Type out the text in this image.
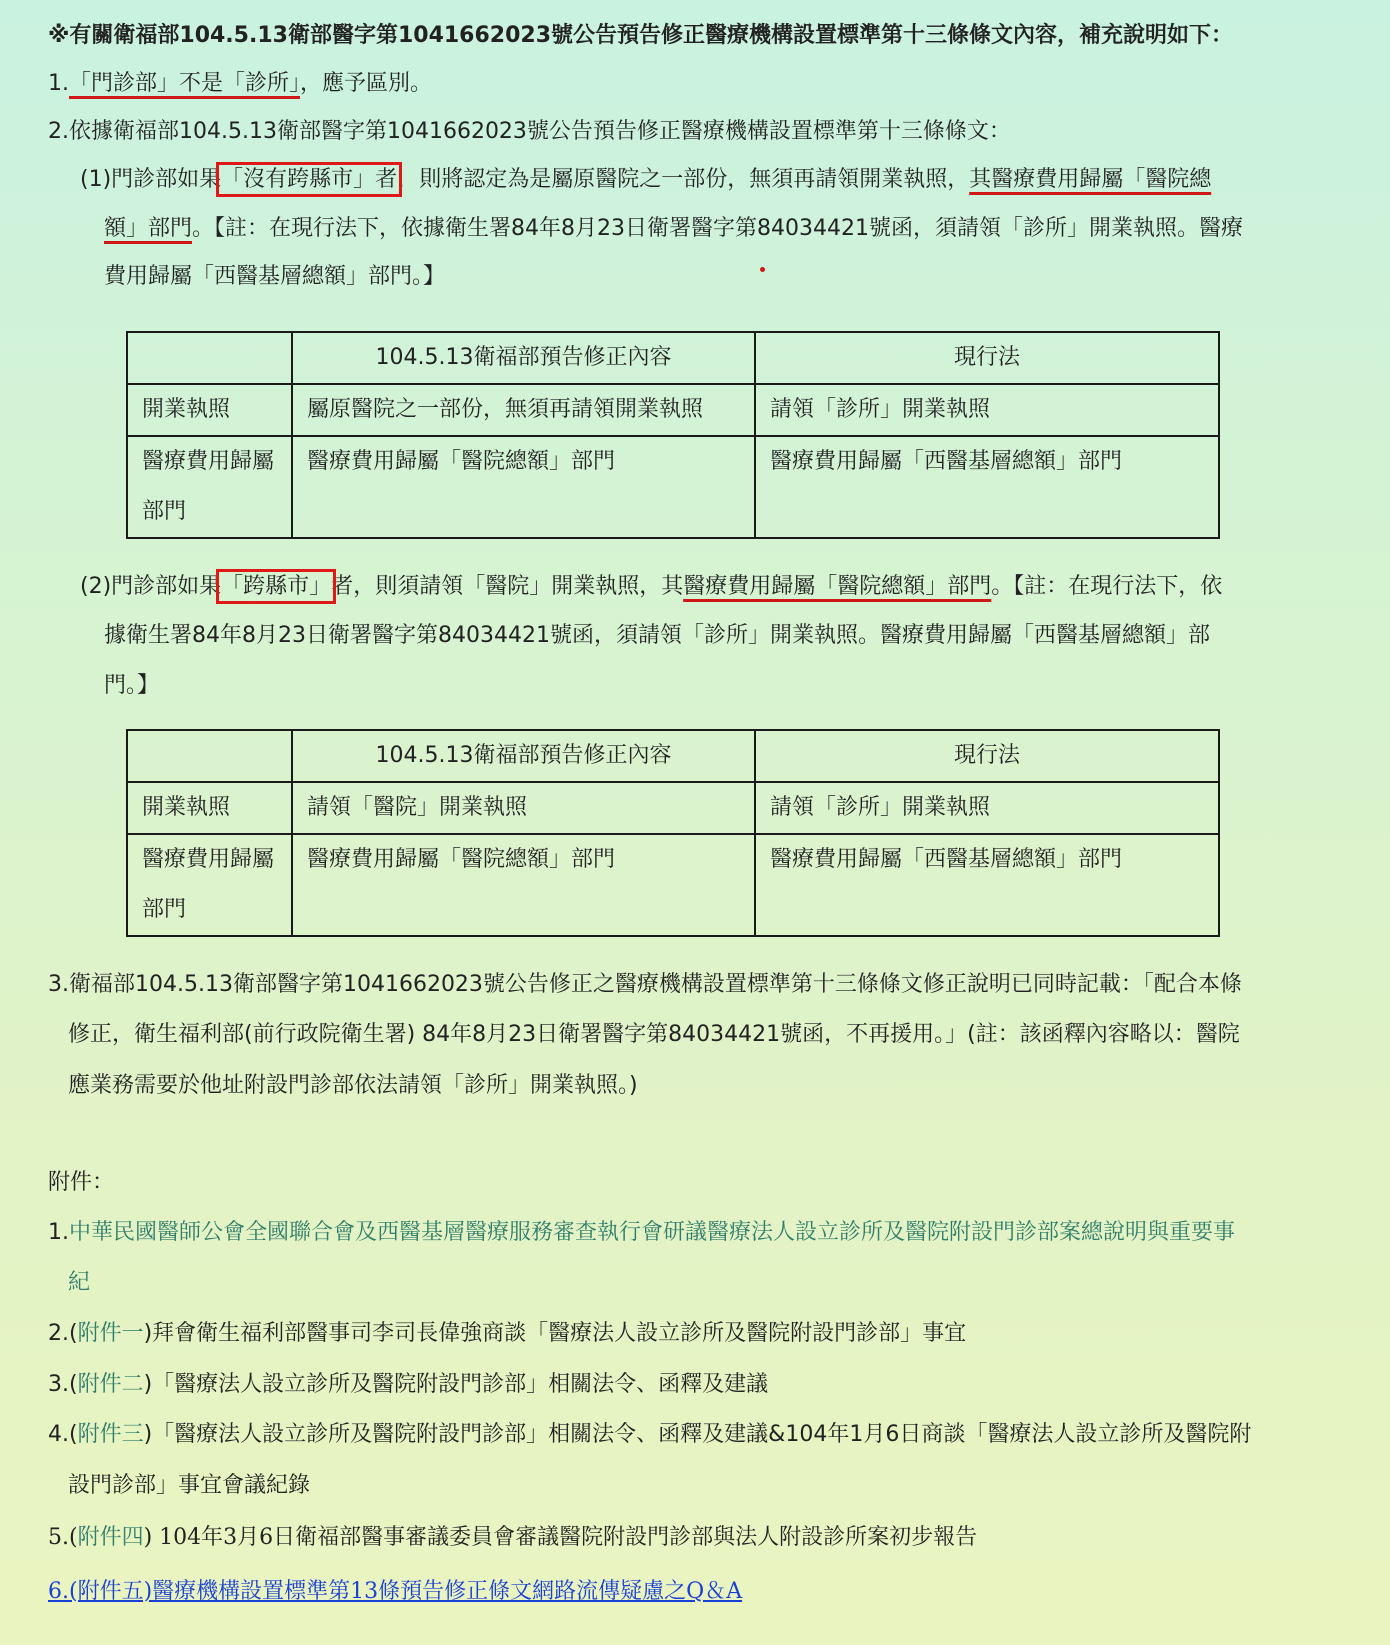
※有關衛福部104.5.13衛部醫字第1041662023號公告預告修正醫療機構設置標準第十三條條文內容，補充說明如下：
1.「門診部」不是「診所」，應予區別。
2.依據衛福部104.5.13衛部醫字第1041662023號公告預告修正醫療機構設置標準第十三條條文：
(1)門診部如果「沒有跨縣市」者，則將認定為是屬原醫院之一部份，無須再請領開業執照，其醫療費用歸屬「醫院總
額」部門。【註：在現行法下，依據衛生署84年8月23日衛署醫字第84034421號函，須請領「診所」開業執照。醫療
費用歸屬「西醫基層總額」部門。】
	104.5.13衛福部預告修正內容	現行法
開業執照	屬原醫院之一部份，無須再請領開業執照	請領「診所」開業執照
醫療費用歸屬
部門	醫療費用歸屬「醫院總額」部門	醫療費用歸屬「西醫基層總額」部門
(2)門診部如果「跨縣市」者，則須請領「醫院」開業執照，其醫療費用歸屬「醫院總額」部門。【註：在現行法下，依
據衛生署84年8月23日衛署醫字第84034421號函，須請領「診所」開業執照。醫療費用歸屬「西醫基層總額」部
門。】
	104.5.13衛福部預告修正內容	現行法
開業執照	請領「醫院」開業執照	請領「診所」開業執照
醫療費用歸屬
部門	醫療費用歸屬「醫院總額」部門	醫療費用歸屬「西醫基層總額」部門
3.衛福部104.5.13衛部醫字第1041662023號公告修正之醫療機構設置標準第十三條條文修正說明已同時記載：「配合本條
修正，衛生福利部(前行政院衛生署) 84年8月23日衛署醫字第84034421號函，不再援用。」(註：該函釋內容略以：醫院
應業務需要於他址附設門診部依法請領「診所」開業執照。)
附件：
1.中華民國醫師公會全國聯合會及西醫基層醫療服務審查執行會研議醫療法人設立診所及醫院附設門診部案總說明與重要事
紀
2.(附件一)拜會衛生福利部醫事司李司長偉強商談「醫療法人設立診所及醫院附設門診部」事宜
3.(附件二)「醫療法人設立診所及醫院附設門診部」相關法令、函釋及建議
4.(附件三)「醫療法人設立診所及醫院附設門診部」相關法令、函釋及建議&104年1月6日商談「醫療法人設立診所及醫院附
設門診部」事宜會議紀錄
5.(附件四) 104年3月6日衛福部醫事審議委員會審議醫院附設門診部與法人附設診所案初步報告
6.(附件五)醫療機構設置標準第13條預告修正條文網路流傳疑慮之Q＆A
